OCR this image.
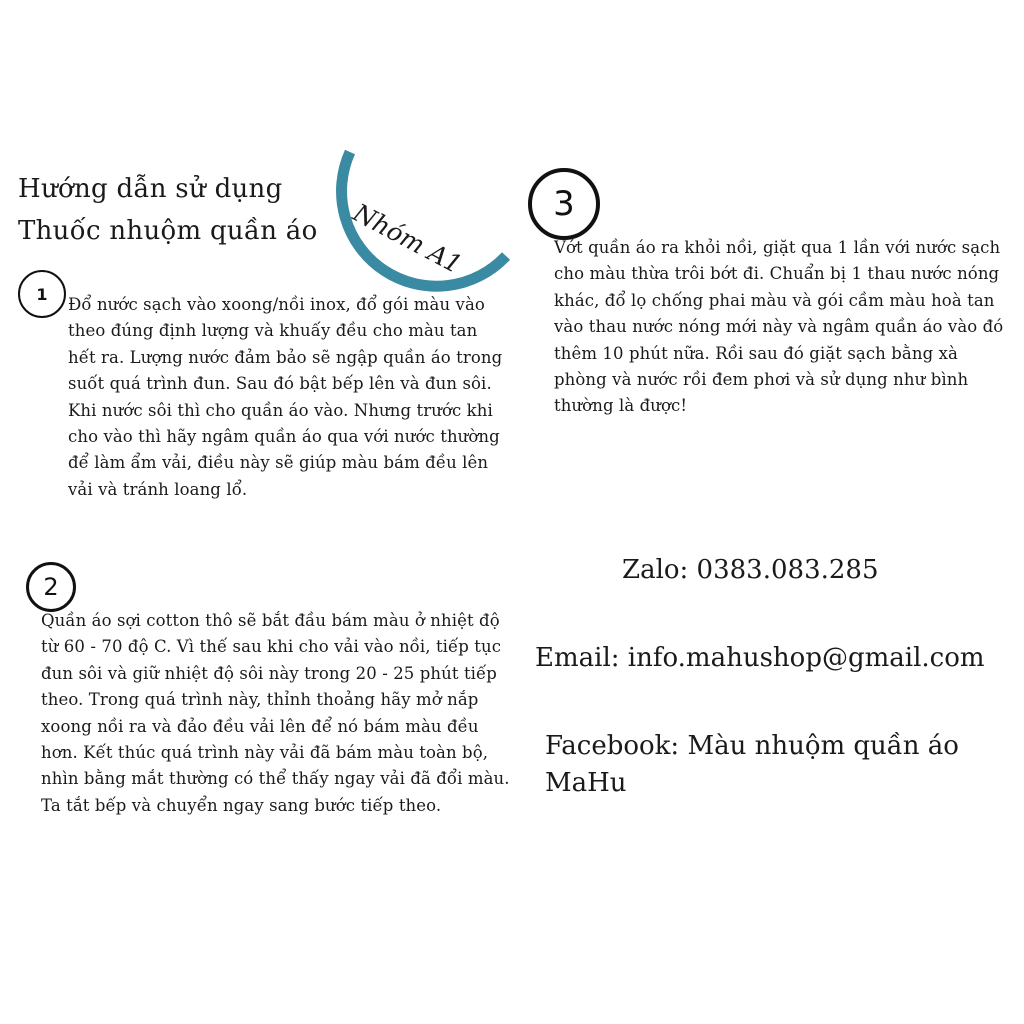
Hướng dẫn sử dụng
Thuốc nhuộm quần áo Nhóm A1
1
Đổ nước sạch vào xoong/nồi inox, đổ gói màu vào theo đúng định lượng và khuấy đều cho màu tan hết ra. Lượng nước đảm bảo sẽ ngập quần áo trong suốt quá trình đun. Sau đó bật bếp lên và đun sôi. Khi nước sôi thì cho quần áo vào. Nhưng trước khi cho vào thì hãy ngâm quần áo qua với nước thường để làm ẩm vải, điều này sẽ giúp màu bám đều lên vải và tránh loang lổ.
2
Quần áo sợi cotton thô sẽ bắt đầu bám màu ở nhiệt độ từ 60 - 70 độ C. Vì thế sau khi cho vải vào nồi, tiếp tục đun sôi và giữ nhiệt độ sôi này trong 20 - 25 phút tiếp theo. Trong quá trình này, thỉnh thoảng hãy mở nắp xoong nồi ra và đảo đều vải lên để nó bám màu đều hơn. Kết thúc quá trình này vải đã bám màu toàn bộ, nhìn bằng mắt thường có thể thấy ngay vải đã đổi màu. Ta tắt bếp và chuyển ngay sang bước tiếp theo.
3
Vớt quần áo ra khỏi nồi, giặt qua 1 lần với nước sạch cho màu thừa trôi bớt đi. Chuẩn bị 1 thau nước nóng khác, đổ lọ chống phai màu và gói cầm màu hoà tan vào thau nước nóng mới này và ngâm quần áo vào đó thêm 10 phút nữa. Rồi sau đó giặt sạch bằng xà phòng và nước rồi đem phơi và sử dụng như bình thường là được!
Zalo: 0383.083.285
Email: info.mahushop@gmail.com
Facebook: Màu nhuộm quần áo MaHu
